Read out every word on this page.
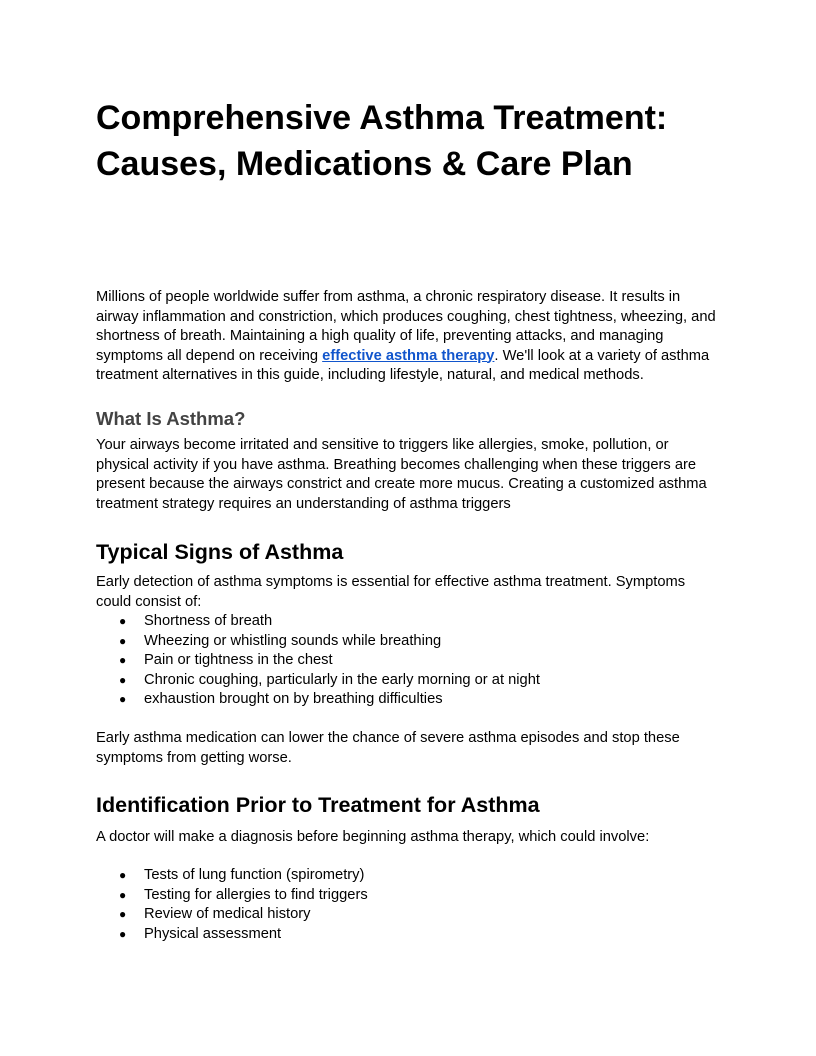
Comprehensive Asthma Treatment: Causes, Medications & Care Plan

Millions of people worldwide suffer from asthma, a chronic respiratory disease. It results in airway inflammation and constriction, which produces coughing, chest tightness, wheezing, and shortness of breath. Maintaining a high quality of life, preventing attacks, and managing symptoms all depend on receiving effective asthma therapy. We'll look at a variety of asthma treatment alternatives in this guide, including lifestyle, natural, and medical methods.

What Is Asthma?

Your airways become irritated and sensitive to triggers like allergies, smoke, pollution, or physical activity if you have asthma. Breathing becomes challenging when these triggers are present because the airways constrict and create more mucus. Creating a customized asthma treatment strategy requires an understanding of asthma triggers

Typical Signs of Asthma

Early detection of asthma symptoms is essential for effective asthma treatment. Symptoms could consist of:

● Shortness of breath
● Wheezing or whistling sounds while breathing
● Pain or tightness in the chest
● Chronic coughing, particularly in the early morning or at night
● exhaustion brought on by breathing difficulties

Early asthma medication can lower the chance of severe asthma episodes and stop these symptoms from getting worse.

Identification Prior to Treatment for Asthma

A doctor will make a diagnosis before beginning asthma therapy, which could involve:

● Tests of lung function (spirometry)
● Testing for allergies to find triggers
● Review of medical history
● Physical assessment
